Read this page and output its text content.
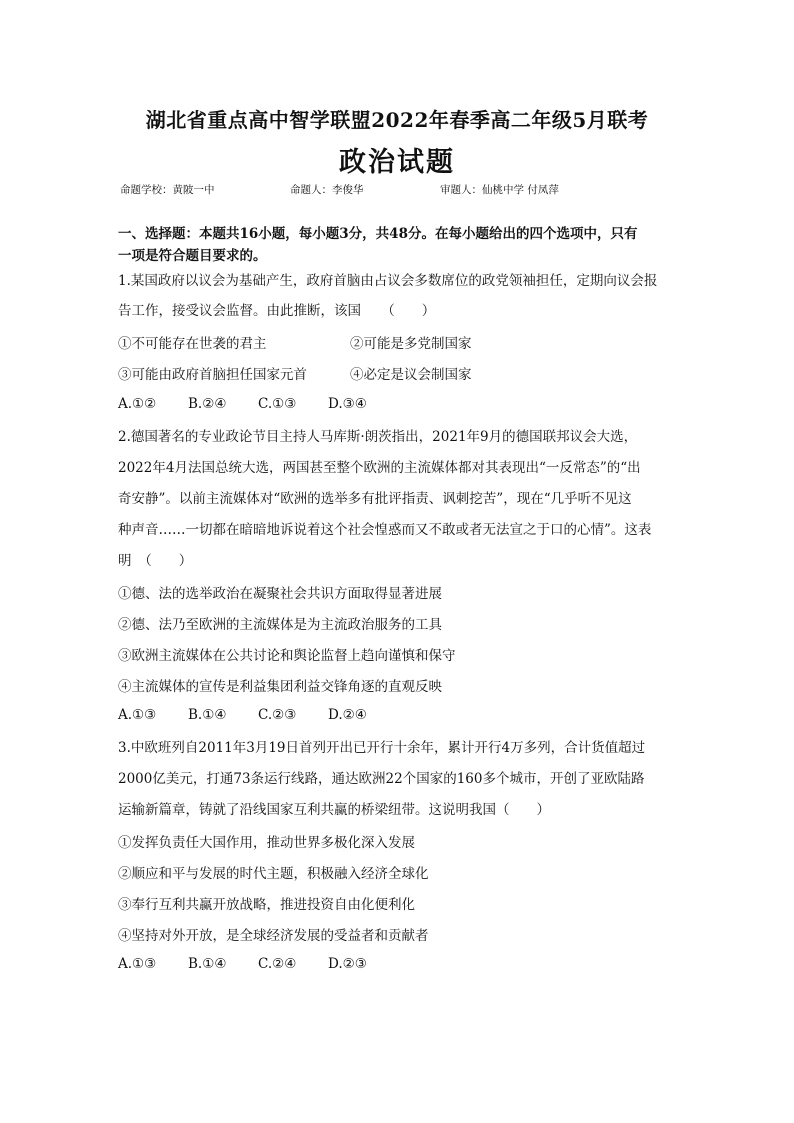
湖北省重点高中智学联盟2022年春季高二年级5月联考
政治试题
命题学校：黄陂一中	命题人：李俊华	审题人：仙桃中学 付凤萍
一、选择题：本题共16小题，每小题3分，共48分。在每小题给出的四个选项中，只有
一项是符合题目要求的。
1.某国政府以议会为基础产生，政府首脑由占议会多数席位的政党领袖担任，定期向议会报
告工作，接受议会监督。由此推断，该国　　（　　）
①不可能存在世袭的君主	②可能是多党制国家
③可能由政府首脑担任国家元首	④必定是议会制国家
A.①②	B.②④	C.①③	D.③④
2.德国著名的专业政论节目主持人马库斯·朗茨指出，2021年9月的德国联邦议会大选，
2022年4月法国总统大选，两国甚至整个欧洲的主流媒体都对其表现出“一反常态”的“出
奇安静”。以前主流媒体对“欧洲的选举多有批评指责、讽刺挖苦”，现在“几乎听不见这
种声音……一切都在暗暗地诉说着这个社会惶惑而又不敢或者无法宣之于口的心情”。这表
明　（　　）
①德、法的选举政治在凝聚社会共识方面取得显著进展
②德、法乃至欧洲的主流媒体是为主流政治服务的工具
③欧洲主流媒体在公共讨论和舆论监督上趋向谨慎和保守
④主流媒体的宣传是利益集团利益交锋角逐的直观反映
A.①③	B.①④	C.②③	D.②④
3.中欧班列自2011年3月19日首列开出已开行十余年，累计开行4万多列，合计货值超过
2000亿美元，打通73条运行线路，通达欧洲22个国家的160多个城市，开创了亚欧陆路
运输新篇章，铸就了沿线国家互利共赢的桥梁纽带。这说明我国（　　）
①发挥负责任大国作用，推动世界多极化深入发展
②顺应和平与发展的时代主题，积极融入经济全球化
③奉行互利共赢开放战略，推进投资自由化便利化
④坚持对外开放，是全球经济发展的受益者和贡献者
A.①③	B.①④	C.②④	D.②③
